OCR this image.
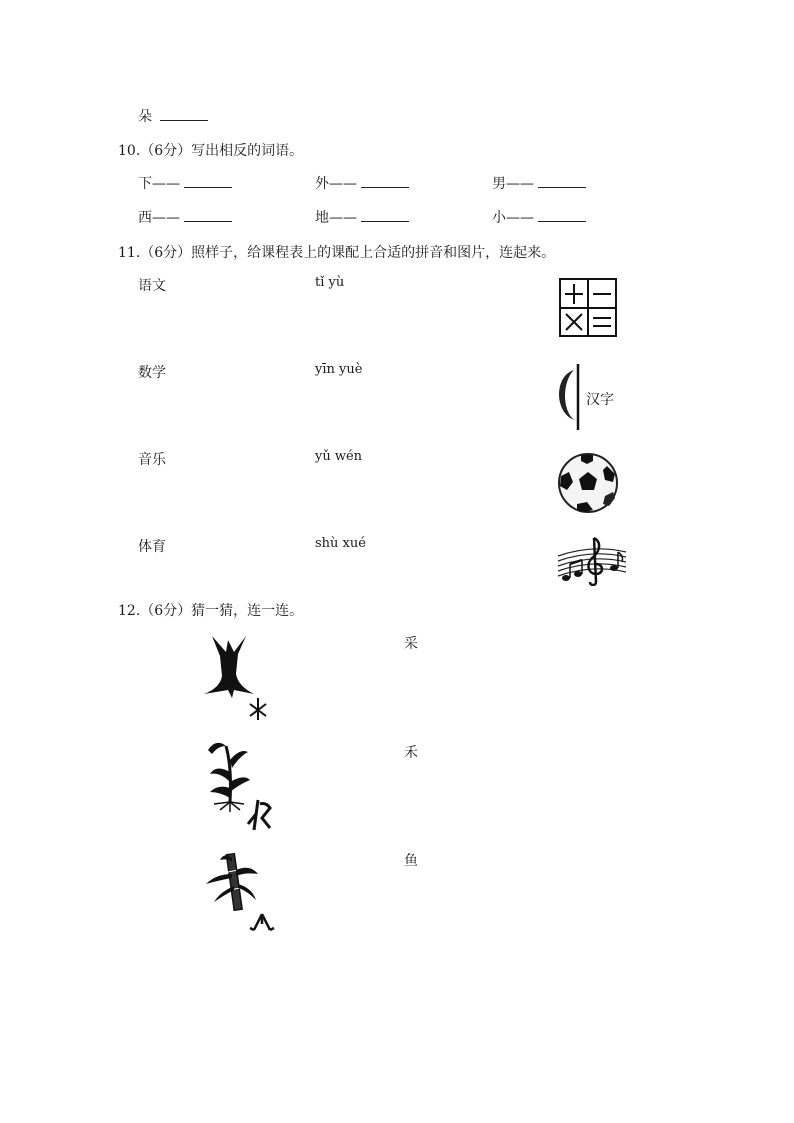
朵
10.（6分）写出相反的词语。
下——	外——	男——
西——	地——	小——
11.（6分）照样子，给课程表上的课配上合适的拼音和图片，连起来。
语文
数学
音乐
体育
tǐ yù
yīn yuè
yǔ wén
shù xué
汉字
12.（6分）猜一猜，连一连。
采
禾
鱼
